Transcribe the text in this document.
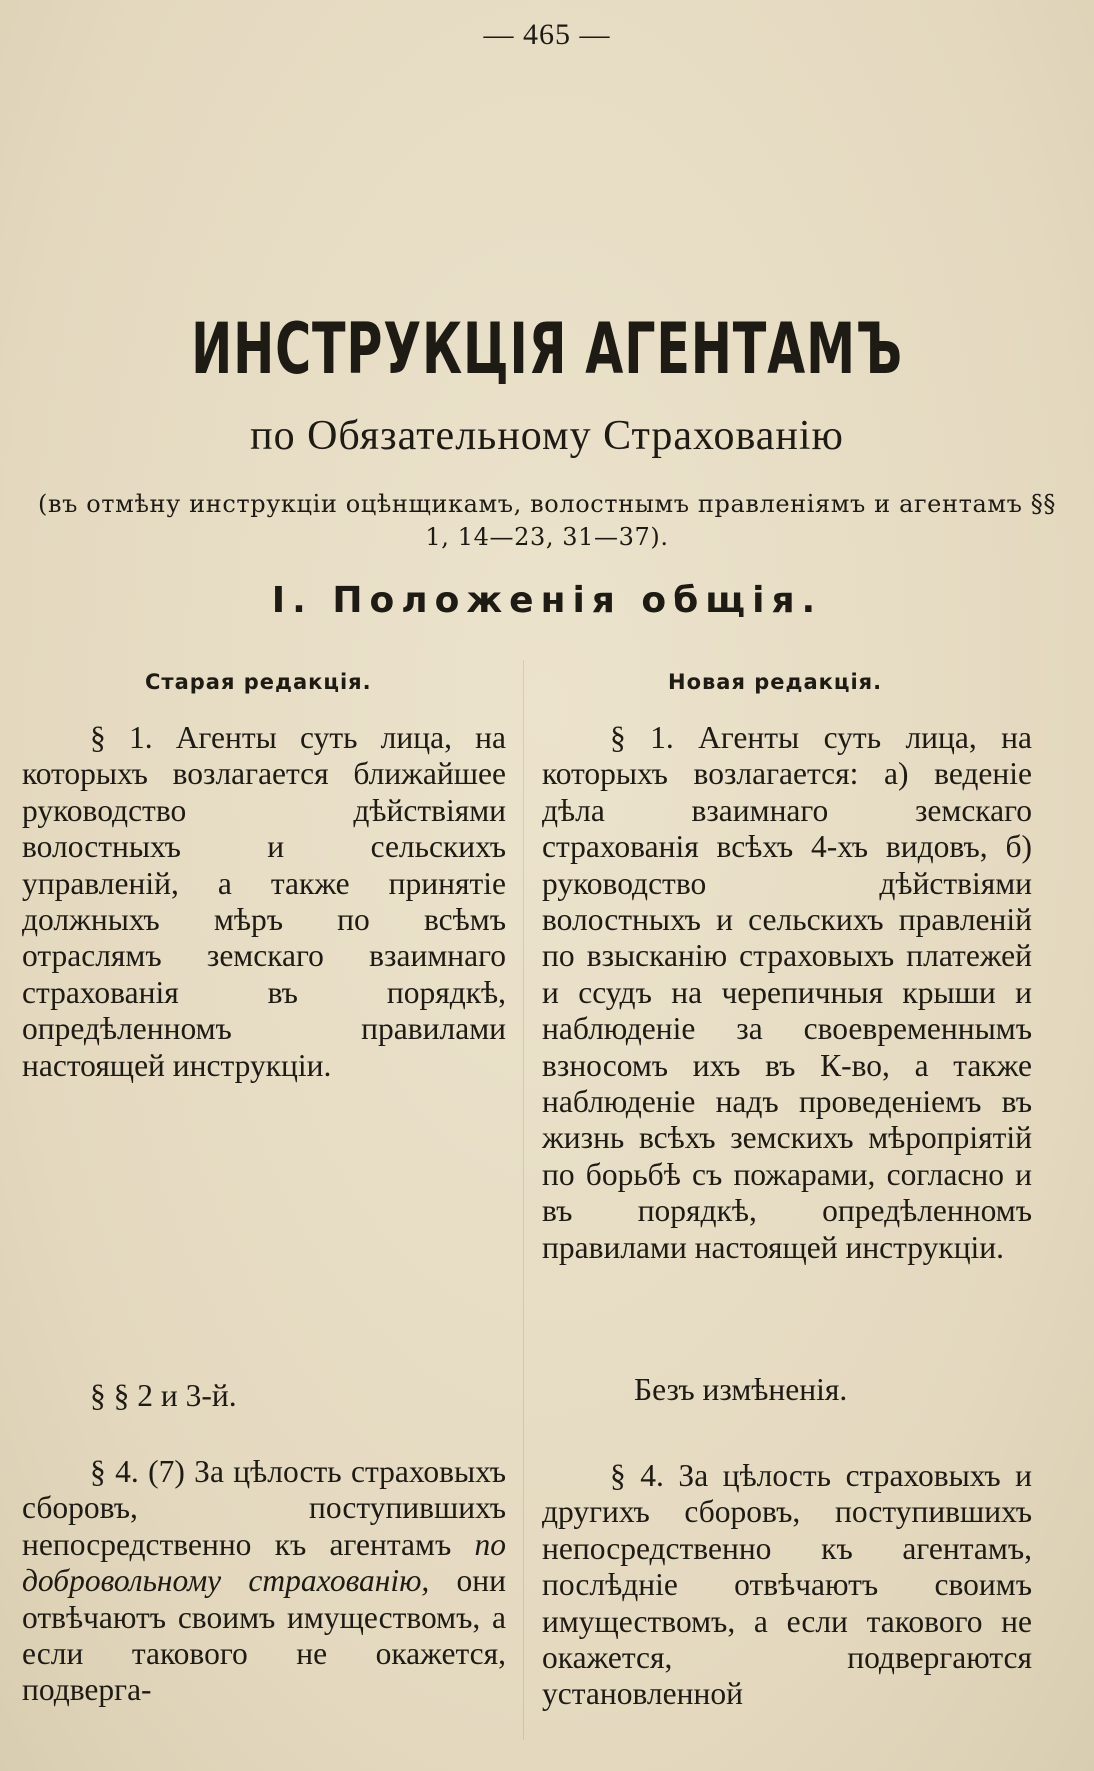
— 465 —
ИНСТРУКЦІЯ АГЕНТАМЪ
по Обязательному Страхованію
(въ отмѣну инструкціи оцѣнщикамъ, волостнымъ правленіямъ и агентамъ §§ 1, 14—23, 31—37).
I. Положенія общія.
Старая редакція.	Новая редакція.

§ 1. Агенты суть лица, на которыхъ возлагается ближайшее руководство дѣйствіями волостныхъ и сельскихъ управленій, а также принятіе должныхъ мѣръ по всѣмъ отраслямъ земскаго взаимнаго страхованія въ порядкѣ, опредѣленномъ правилами настоящей инструкціи.

§ § 2 и 3-й.

§ 4. (7) За цѣлость страховыхъ сборовъ, поступившихъ непосредственно къ агентамъ по добровольному страхованію, они отвѣчаютъ своимъ имуществомъ, а если такового не окажется, подверга-

§ 1. Агенты суть лица, на которыхъ возлагается: а) веденіе дѣла взаимнаго земскаго страхованія всѣхъ 4-хъ видовъ, б) руководство дѣйствіями волостныхъ и сельскихъ правленій по взысканію страховыхъ платежей и ссудъ на черепичныя крыши и наблюденіе за своевременнымъ взносомъ ихъ въ К-во, а также наблюденіе надъ проведеніемъ въ жизнь всѣхъ земскихъ мѣропріятій по борьбѣ съ пожарами, согласно и въ порядкѣ, опредѣленномъ правилами настоящей инструкціи.

Безъ измѣненія.

§ 4. За цѣлость страховыхъ и другихъ сборовъ, поступившихъ непосредственно къ агентамъ, послѣдніе отвѣчаютъ своимъ имуществомъ, а если такового не окажется, подвергаются установленной
